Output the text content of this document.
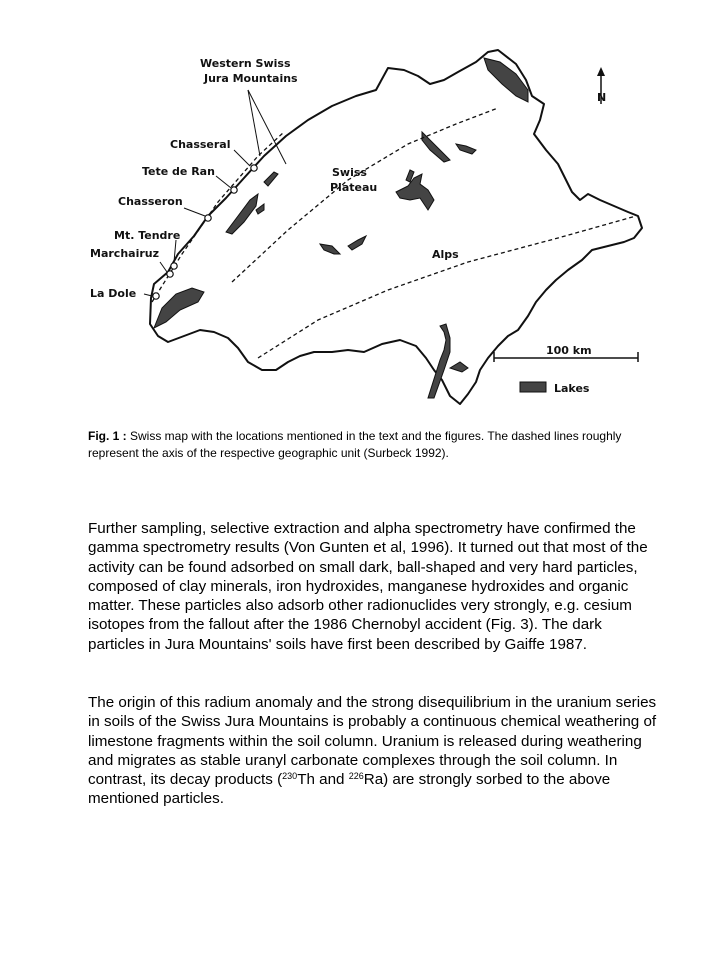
Western Swiss
Jura Mountains
Chasseral
Tete de Ran
Chasseron
Mt. Tendre
Marchairuz
La Dole
Swiss
Plateau
Alps
N
100 km
Lakes
Fig. 1 : Swiss map with the locations mentioned in the text and the figures. The dashed lines roughly represent the axis of the respective geographic unit (Surbeck 1992).

Further sampling, selective extraction and alpha spectrometry have confirmed the gamma spectrometry results (Von Gunten et al, 1996). It turned out that most of the activity can be found adsorbed on small dark, ball-shaped and very hard particles, composed of clay minerals, iron hydroxides, manganese hydroxides and organic matter. These particles also adsorb other radionuclides very strongly, e.g. cesium isotopes from the fallout after the 1986 Chernobyl accident (Fig. 3). The dark particles in Jura Mountains' soils have first been described by Gaiffe 1987.

The origin of this radium anomaly and the strong disequilibrium in the uranium series in soils of the Swiss Jura Mountains is probably a continuous chemical weathering of limestone fragments within the soil column. Uranium is released during weathering and migrates as stable uranyl carbonate complexes through the soil column. In contrast, its decay products ($^{230}$Th and $^{226}$Ra) are strongly sorbed to the above mentioned particles.
